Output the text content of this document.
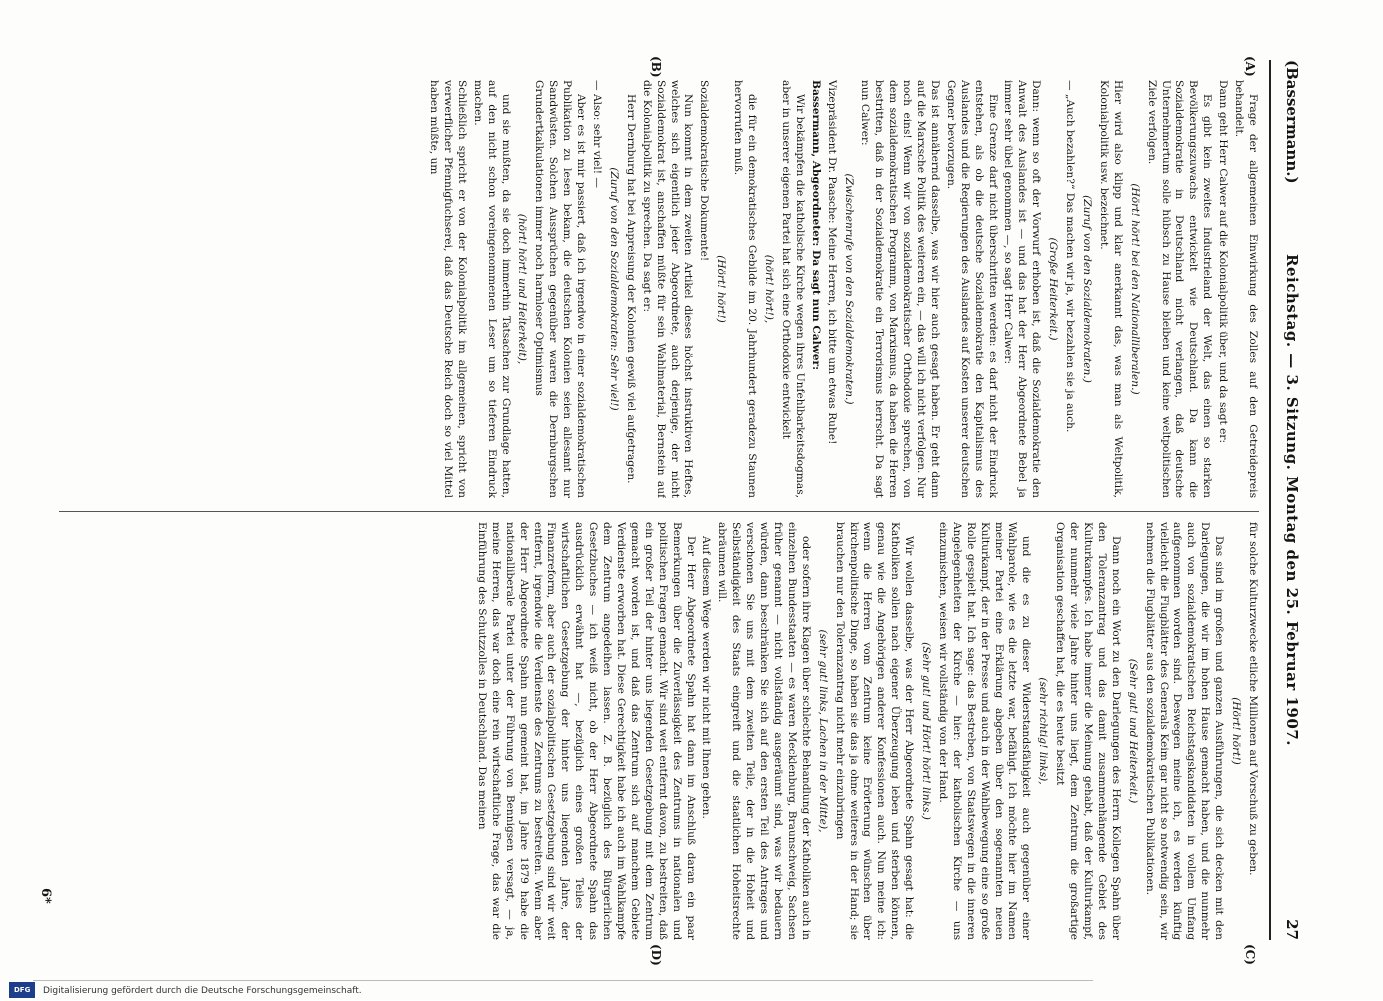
(Bassermann.)
Reichstag. — 3. Sitzung. Montag den 25. Februar 1907.
27
(A)
(B)
(C)
(D)

Frage der allgemeinen Einwirkung des Zolles auf den Getreidepreis behandelt.

Dann geht Herr Calwer auf die Kolonialpolitik über, und da sagt er:

Es gibt kein zweites Industrieland der Welt, das einen so starken Bevölkerungszuwachs entwickelt wie Deutschland. Da kann die Sozialdemokratie in Deutschland nicht verlangen, daß deutsche Unternehmertum solle hübsch zu Hause bleiben und keine weltpolitischen Ziele verfolgen.

(Hört! hört! bei den Nationalliberalen.)

Hier wird also klipp und klar anerkannt das, was man als Weltpolitik, Kolonialpolitik usw. bezeichnet.

(Zuruf von den Sozialdemokraten.)

— „Auch bezahlen?“ Das machen wir ja, wir bezahlen sie ja auch.

(Große Heiterkeit.)

Dann: wenn so oft der Vorwurf erhoben ist, daß die Sozialdemokratie den Anwalt des Auslandes ist — und das hat der Herr Abgeordnete Bebel ja immer sehr übel genommen —, so sagt Herr Calwer:

Eine Grenze darf nicht überschritten werden: es darf nicht der Eindruck entstehen, als ob die deutsche Sozialdemokratie den Kapitalismus des Auslandes und die Regierungen des Auslandes auf Kosten unserer deutschen Gegner bevorzugen.

Das ist annähernd dasselbe, was wir hier auch gesagt haben. Er geht dann auf die Marxsche Politik des weiteren ein, — das will ich nicht verfolgen. Nur noch eins! Wenn wir von sozialdemokratischer Orthodoxie sprechen, von dem sozialdemokratischen Programm, von Marxismus, da haben die Herren bestritten, daß in der Sozialdemokratie ein Terrorismus herrscht. Da sagt nun Calwer:

(Zwischenrufe von den Sozialdemokraten.)

Vizepräsident Dr. Paasche: Meine Herren, ich bitte um etwas Ruhe!

Bassermann, Abgeordneter: Da sagt nun Calwer:

Wir bekämpfen die katholische Kirche wegen ihres Unfehlbarkeitsdogmas, aber in unserer eigenen Partei hat sich eine Orthodoxie entwickelt

(hört! hört!),

die für ein demokratisches Gebilde im 20. Jahrhundert geradezu Staunen hervorrufen muß.

(Hört! hört!)

Sozialdemokratische Dokumente!

Nun kommt in dem zweiten Artikel dieses höchst instruktiven Heftes, welches sich eigentlich jeder Abgeordnete, auch derjenige, der nicht Sozialdemokrat ist, anschaffen müßte für sein Wahlmaterial, Bernstein auf die Kolonialpolitik zu sprechen. Da sagt er:

Herr Dernburg hat bei Anpreisung der Kolonien gewiß viel aufgetragen.

(Zuruf von den Sozialdemokraten: Sehr viel!)

— Also: sehr viel! —

Aber es ist mir passiert, daß ich irgendwo in einer sozialdemokratischen Publikation zu lesen bekam, die deutschen Kolonien seien allesamt nur Sandwüsten. Solchen Aussprüchen gegenüber waren die Dernburgschen Grundertkalkulationen immer noch harmloser Optimismus

(hört! hört! und Heiterkeit),

und sie mußten, da sie doch immerhin Tatsachen zur Grundlage hatten, auf den nicht schon voreingenommenen Leser um so tieferen Eindruck machen.

Schließlich spricht er von der Kolonialpolitik im allgemeinen, spricht von verwerflicher Pfennigfuchserei, daß das Deutsche Reich doch so viel Mittel haben müßte, um

für solche Kulturzwecke etliche Millionen auf Vorschuß zu geben.

(Hört! hört!)

Das sind im großen und ganzen Ausführungen, die sich decken mit den Darlegungen, die wir im hohen Hause gemacht haben, und die nunmehr auch von sozialdemokratischen Reichstagskandidaten in vollem Umfang aufgenommen worden sind. Deswegen meine ich, es werden künftig vielleicht die Flugblätter des Generals Keim gar nicht so notwendig sein, wir nehmen die Flugblätter aus den sozialdemokratischen Publikationen.

(Sehr gut! und Heiterkeit.)

Dann noch ein Wort zu den Darlegungen des Herrn Kollegen Spahn über den Toleranzantrag und das damit zusammenhängende Gebiet des Kulturkampfes. Ich habe immer die Meinung gehabt, daß der Kulturkampf, der nunmehr viele Jahre hinter uns liegt, dem Zentrum die großartige Organisation geschaffen hat, die es heute besitzt

(sehr richtig! links),

und die es zu dieser Widerstandsfähigkeit auch gegenüber einer Wahlparole, wie es die letzte war, befähigt. Ich möchte hier im Namen meiner Partei eine Erklärung abgeben über den sogenannten neuen Kulturkampf, der in der Presse und auch in der Wahlbewegung eine so große Rolle gespielt hat. Ich sage: das Bestreben, von Staatswegen in die inneren Angelegenheiten der Kirche — hier: der katholischen Kirche — uns einzumischen, weisen wir vollständig von der Hand.

(Sehr gut! und Hört! hört! links.)

Wir wollen dasselbe, was der Herr Abgeordnete Spahn gesagt hat: die Katholiken sollen nach eigener Überzeugung leben und sterben können, genau wie die Angehörigen anderer Konfessionen auch. Nun meine ich: wenn die Herren vom Zentrum keine Erörterung wünschen über kirchenpolitische Dinge, so haben sie das ja ohne weiteres in der Hand; sie brauchen nur den Toleranzantrag nicht mehr einzubringen

(sehr gut! links, Lachen in der Mitte),

oder sofern ihre Klagen über schlechte Behandlung der Katholiken auch in einzelnen Bundesstaaten — es waren Mecklenburg, Braunschweig, Sachsen früher genannt — nicht vollständig ausgeräumt sind, was wir bedauern würden, dann beschränken Sie sich auf den ersten Teil des Antrages und verschonen Sie uns mit dem zweiten Teile, der in die Hoheit und Selbständigkeit des Staats eingreift und die staatlichen Hoheitsrechte abräumen will.

Auf diesem Wege werden wir nicht mit Ihnen gehen.

Der Herr Abgeordnete Spahn hat dann im Anschluß daran ein paar Bemerkungen über die Zuverlässigkeit des Zentrums in nationalen und politischen Fragen gemacht. Wir sind weit entfernt davon, zu bestreiten, daß ein großer Teil der hinter uns liegenden Gesetzgebung mit dem Zentrum gemacht worden ist, und daß das Zentrum sich auf manchem Gebiete Verdienste erworben hat. Diese Gerechtigkeit habe ich auch im Wahlkampfe dem Zentrum angedeihen lassen. Z. B. bezüglich des Bürgerlichen Gesetzbuches — ich weiß nicht, ob der Herr Abgeordnete Spahn das ausdrücklich erwähnt hat —, bezüglich eines großen Teiles der wirtschaftlichen Gesetzgebung der hinter uns liegenden Jahre, der Finanzreform, aber auch der sozialpolitischen Gesetzgebung sind wir weit entfernt, irgendwie die Verdienste des Zentrums zu bestreiten. Wenn aber der Herr Abgeordnete Spahn nun gemeint hat, im Jahre 1879 habe die nationalliberale Partei unter der Führung von Bennigsen versagt, — ja, meine Herren, das war doch eine rein wirtschaftliche Frage, das war die Einführung des Schutzzolles in Deutschland. Das meinen

6*
Digitalisierung gefördert durch die Deutsche Forschungsgemeinschaft.
DFG
